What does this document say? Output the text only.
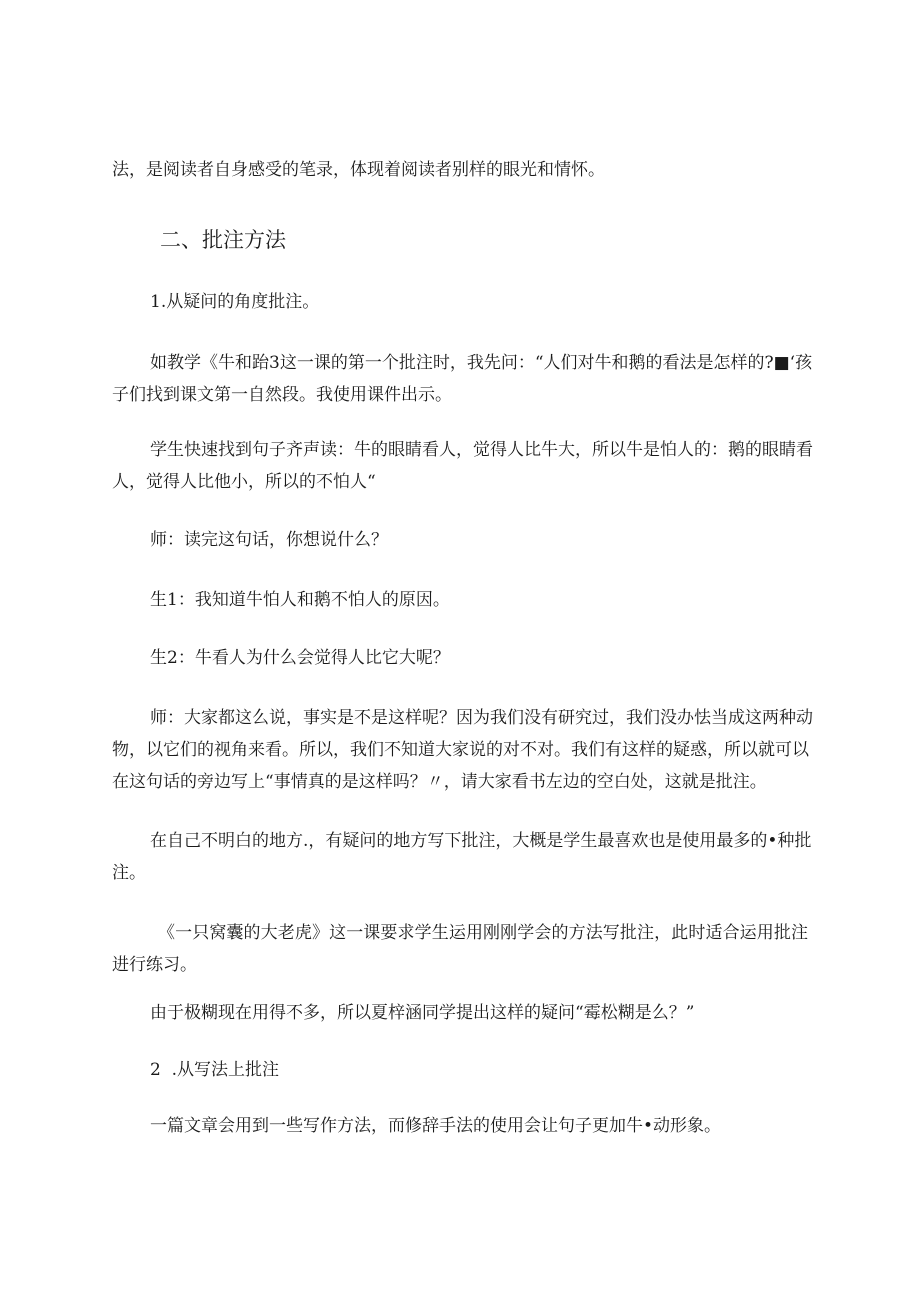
法，是阅读者自身感受的笔录，体现着阅读者别样的眼光和情怀。

二、批注方法

1.从疑问的角度批注。

如教学《牛和跆3这一课的第一个批注时，我先问：“人们对牛和鹅的看法是怎样的?■‘孩

子们找到课文第一自然段。我使用课件出示。

学生快速找到句子齐声读：牛的眼睛看人，觉得人比牛大，所以牛是怕人的：鹅的眼睛看

人，觉得人比他小，所以的不怕人“

师：读完这句话，你想说什么？

生1：我知道牛怕人和鹅不怕人的原因。

生2：牛看人为什么会觉得人比它大呢？

师：大家都这么说，事实是不是这样呢？因为我们没有研究过，我们没办怯当成这两种动

物，以它们的视角来看。所以，我们不知道大家说的对不对。我们有这样的疑惑，所以就可以

在这句话的旁边写上“事情真的是这样吗？〃，请大家看书左边的空白处，这就是批注。

在自己不明白的地方.，有疑问的地方写下批注，大概是学生最喜欢也是使用最多的•种批

注。

《一只窝囊的大老虎》这一课要求学生运用刚刚学会的方法写批注，此时适合运用批注

进行练习。

由于极糊现在用得不多，所以夏梓涵同学提出这样的疑问“霉松糊是么？”

2  .从写法上批注

一篇文章会用到一些写作方法，而修辞手法的使用会让句子更加牛•动形象。
